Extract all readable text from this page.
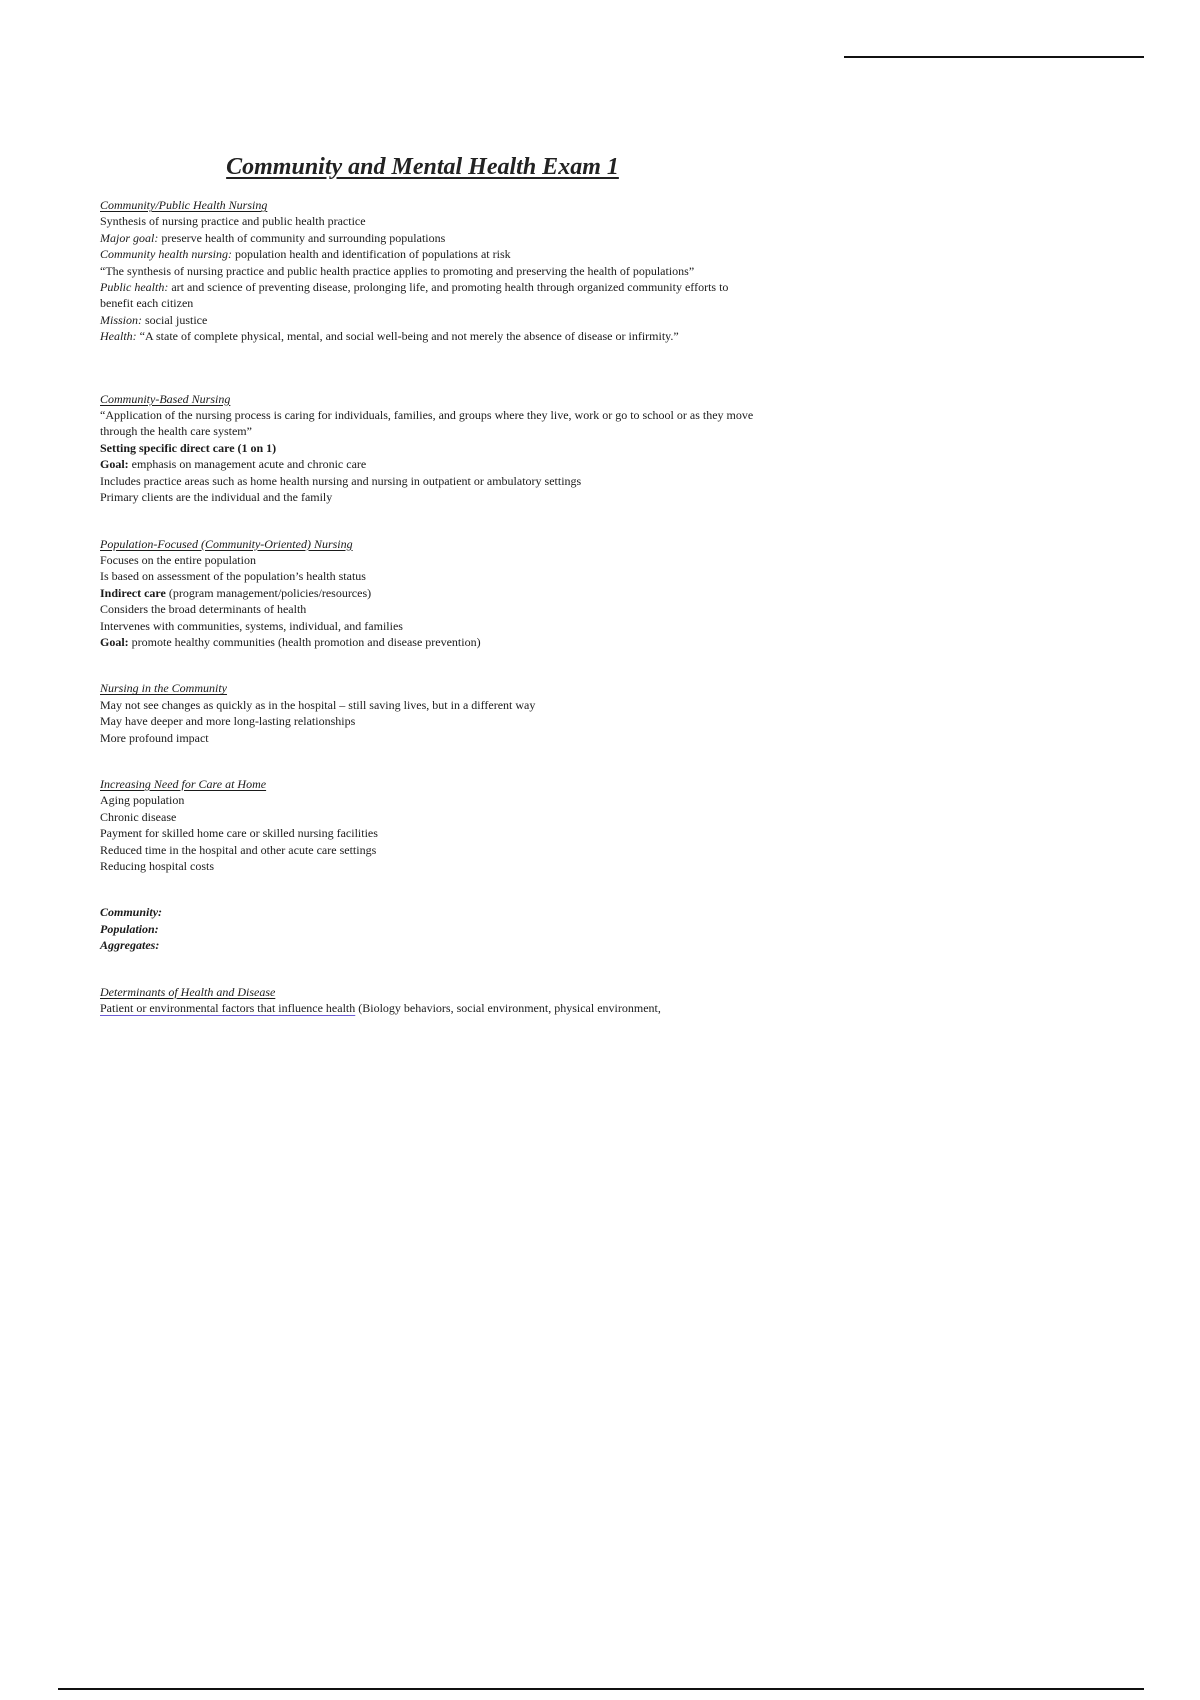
Community and Mental Health Exam 1

Community/Public Health Nursing

Synthesis of nursing practice and public health practice

Major goal: preserve health of community and surrounding populations

Community health nursing: population health and identification of populations at risk

“The synthesis of nursing practice and public health practice applies to promoting and preserving the health of populations”

Public health: art and science of preventing disease, prolonging life, and promoting health through organized community efforts to benefit each citizen

Mission: social justice

Health: “A state of complete physical, mental, and social well-being and not merely the absence of disease or infirmity.”

Community-Based Nursing

“Application of the nursing process is caring for individuals, families, and groups where they live, work or go to school or as they move through the health care system”

Setting specific direct care (1 on 1)

Goal: emphasis on management acute and chronic care

Includes practice areas such as home health nursing and nursing in outpatient or ambulatory settings

Primary clients are the individual and the family

Population-Focused (Community-Oriented) Nursing

Focuses on the entire population

Is based on assessment of the population’s health status

Indirect care (program management/policies/resources)

Considers the broad determinants of health

Intervenes with communities, systems, individual, and families

Goal: promote healthy communities (health promotion and disease prevention)

Nursing in the Community

May not see changes as quickly as in the hospital – still saving lives, but in a different way

May have deeper and more long-lasting relationships

More profound impact

Increasing Need for Care at Home

Aging population

Chronic disease

Payment for skilled home care or skilled nursing facilities

Reduced time in the hospital and other acute care settings

Reducing hospital costs

Community:

Population:

Aggregates:

Determinants of Health and Disease

Patient or environmental factors that influence health (Biology behaviors, social environment, physical environment,
